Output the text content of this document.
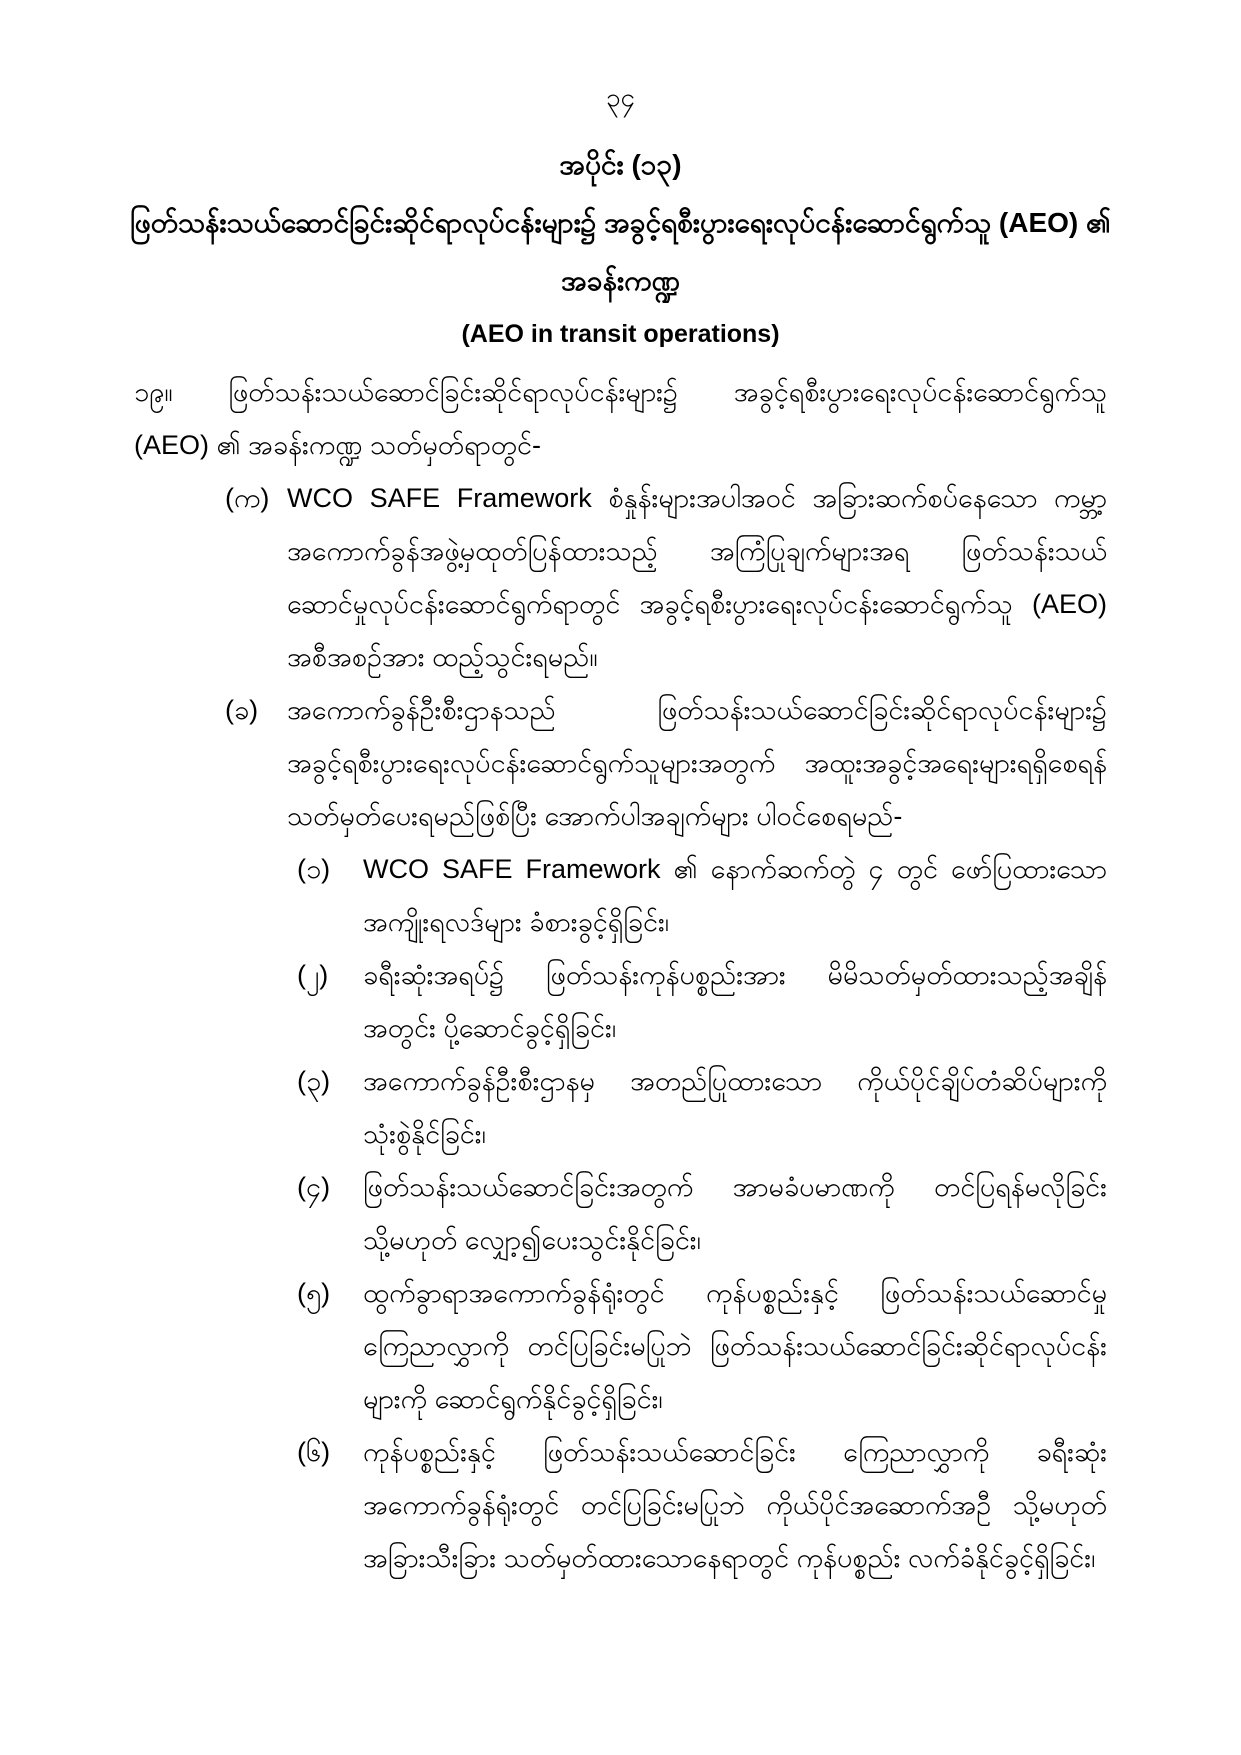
၃၄
အပိုင်း (၁၃)
ဖြတ်သန်းသယ်ဆောင်ခြင်းဆိုင်ရာလုပ်ငန်းများ၌ အခွင့်ရစီးပွားရေးလုပ်ငန်းဆောင်ရွက်သူ (AEO) ၏
အခန်းကဏ္ဍ
(AEO in transit operations)
၁၉။ ဖြတ်သန်းသယ်ဆောင်ခြင်းဆိုင်ရာလုပ်ငန်းများ၌ အခွင့်ရစီးပွားရေးလုပ်ငန်းဆောင်ရွက်သူ
(AEO) ၏ အခန်းကဏ္ဍ သတ်မှတ်ရာတွင်-
(က) WCO SAFE Framework စံနှုန်းများအပါအဝင် အခြားဆက်စပ်နေသော ကမ္ဘာ့
အကောက်ခွန်အဖွဲ့မှထုတ်ပြန်ထားသည့် အကြံပြုချက်များအရ ဖြတ်သန်းသယ်
ဆောင်မှုလုပ်ငန်းဆောင်ရွက်ရာတွင် အခွင့်ရစီးပွားရေးလုပ်ငန်းဆောင်ရွက်သူ (AEO)
အစီအစဉ်အား ထည့်သွင်းရမည်။
(ခ)	အကောက်ခွန်ဦးစီးဌာနသည် ဖြတ်သန်းသယ်ဆောင်ခြင်းဆိုင်ရာလုပ်ငန်းများ၌
အခွင့်ရစီးပွားရေးလုပ်ငန်းဆောင်ရွက်သူများအတွက် အထူးအခွင့်အရေးများရရှိစေရန်
သတ်မှတ်ပေးရမည်ဖြစ်ပြီး အောက်ပါအချက်များ ပါဝင်စေရမည်-
(၁)	WCO SAFE Framework ၏ နောက်ဆက်တွဲ ၄ တွင် ဖော်ပြထားသော
အကျိုးရလဒ်များ ခံစားခွင့်ရှိခြင်း၊
(၂)	ခရီးဆုံးအရပ်၌ ဖြတ်သန်းကုန်ပစ္စည်းအား မိမိသတ်မှတ်ထားသည့်အချိန်
အတွင်း ပို့ဆောင်ခွင့်ရှိခြင်း၊
(၃)	အကောက်ခွန်ဦးစီးဌာနမှ အတည်ပြုထားသော ကိုယ်ပိုင်ချိပ်တံဆိပ်များကို
သုံးစွဲနိုင်ခြင်း၊
(၄)	ဖြတ်သန်းသယ်ဆောင်ခြင်းအတွက် အာမခံပမာဏကို တင်ပြရန်မလိုခြင်း
သို့မဟုတ် လျှော့၍ပေးသွင်းနိုင်ခြင်း၊
(၅)	ထွက်ခွာရာအကောက်ခွန်ရုံးတွင် ကုန်ပစ္စည်းနှင့် ဖြတ်သန်းသယ်ဆောင်မှု
ကြေညာလွှာကို တင်ပြခြင်းမပြုဘဲ ဖြတ်သန်းသယ်ဆောင်ခြင်းဆိုင်ရာလုပ်ငန်း
များကို ဆောင်ရွက်နိုင်ခွင့်ရှိခြင်း၊
(၆)	ကုန်ပစ္စည်းနှင့် ဖြတ်သန်းသယ်ဆောင်ခြင်း ကြေညာလွှာကို ခရီးဆုံး
အကောက်ခွန်ရုံးတွင် တင်ပြခြင်းမပြုဘဲ ကိုယ်ပိုင်အဆောက်အဦ သို့မဟုတ်
အခြားသီးခြား သတ်မှတ်ထားသောနေရာတွင် ကုန်ပစ္စည်း လက်ခံနိုင်ခွင့်ရှိခြင်း၊
